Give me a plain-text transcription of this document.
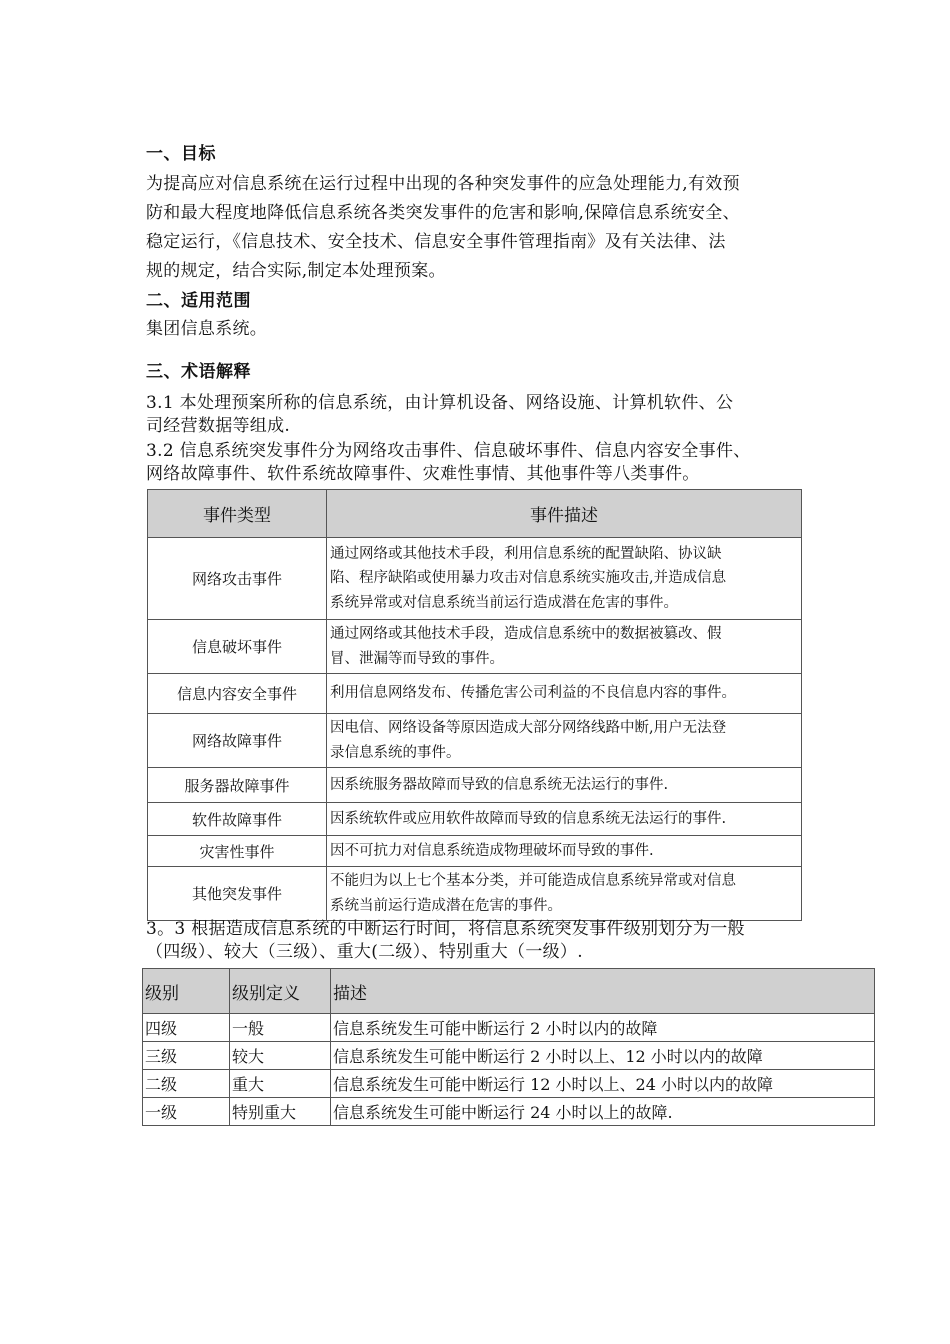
一、目标
为提高应对信息系统在运行过程中出现的各种突发事件的应急处理能力,有效预
防和最大程度地降低信息系统各类突发事件的危害和影响,保障信息系统安全、
稳定运行，《信息技术、安全技术、信息安全事件管理指南》及有关法律、法
规的规定，结合实际,制定本处理预案。
二、适用范围
集团信息系统。
三、术语解释
3.1 本处理预案所称的信息系统，由计算机设备、网络设施、计算机软件、公
司经营数据等组成.
3.2 信息系统突发事件分为网络攻击事件、信息破坏事件、信息内容安全事件、
网络故障事件、软件系统故障事件、灾难性事情、其他事件等八类事件。
事件类型	事件描述
网络攻击事件	通过网络或其他技术手段，利用信息系统的配置缺陷、协议缺
陷、程序缺陷或使用暴力攻击对信息系统实施攻击,并造成信息
系统异常或对信息系统当前运行造成潜在危害的事件。

信息破坏事件	通过网络或其他技术手段，造成信息系统中的数据被篡改、假
冒、泄漏等而导致的事件。

信息内容安全事件	利用信息网络发布、传播危害公司利益的不良信息内容的事件。

网络故障事件	因电信、网络设备等原因造成大部分网络线路中断,用户无法登
录信息系统的事件。

服务器故障事件	因系统服务器故障而导致的信息系统无法运行的事件.

软件故障事件	因系统软件或应用软件故障而导致的信息系统无法运行的事件.

灾害性事件	因不可抗力对信息系统造成物理破坏而导致的事件.

其他突发事件	不能归为以上七个基本分类，并可能造成信息系统异常或对信息
系统当前运行造成潜在危害的事件。
3。3 根据造成信息系统的中断运行时间，将信息系统突发事件级别划分为一般
（四级）、较大（三级）、重大(二级）、特别重大（一级）.
级别	级别定义	描述
四级	一般	信息系统发生可能中断运行 2 小时以内的故障
三级	较大	信息系统发生可能中断运行 2 小时以上、12 小时以内的故障
二级	重大	信息系统发生可能中断运行 12 小时以上、24 小时以内的故障
一级	特别重大	信息系统发生可能中断运行 24 小时以上的故障.
